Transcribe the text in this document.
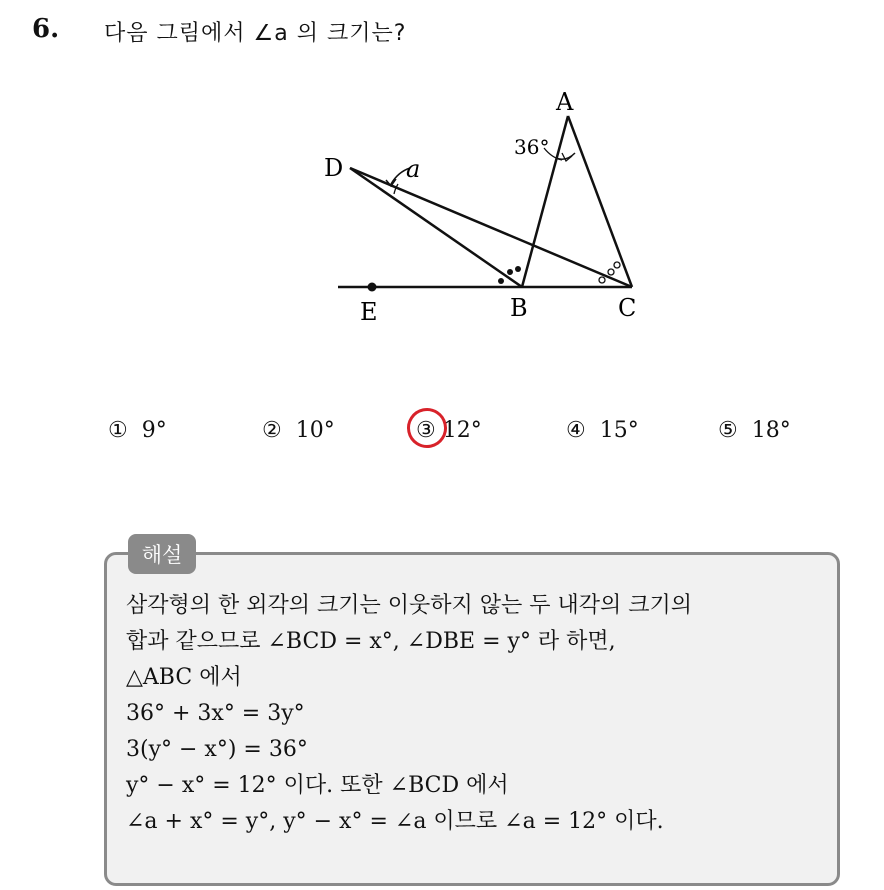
6. 다음 그림에서 ∠a 의 크기는?
A
B	C
D
E
a
36°
① 9°	② 10°	③ 12°	④ 15°	⑤ 18°
해설
삼각형의 한 외각의 크기는 이웃하지 않는 두 내각의 크기의
합과 같으므로 ∠BCD = x°, ∠DBE = y° 라 하면,
△ABC 에서
36° + 3x° = 3y°
3(y° − x°) = 36°
y° − x° = 12° 이다. 또한 ∠BCD 에서
∠a + x° = y°, y° − x° = ∠a 이므로 ∠a = 12° 이다.
